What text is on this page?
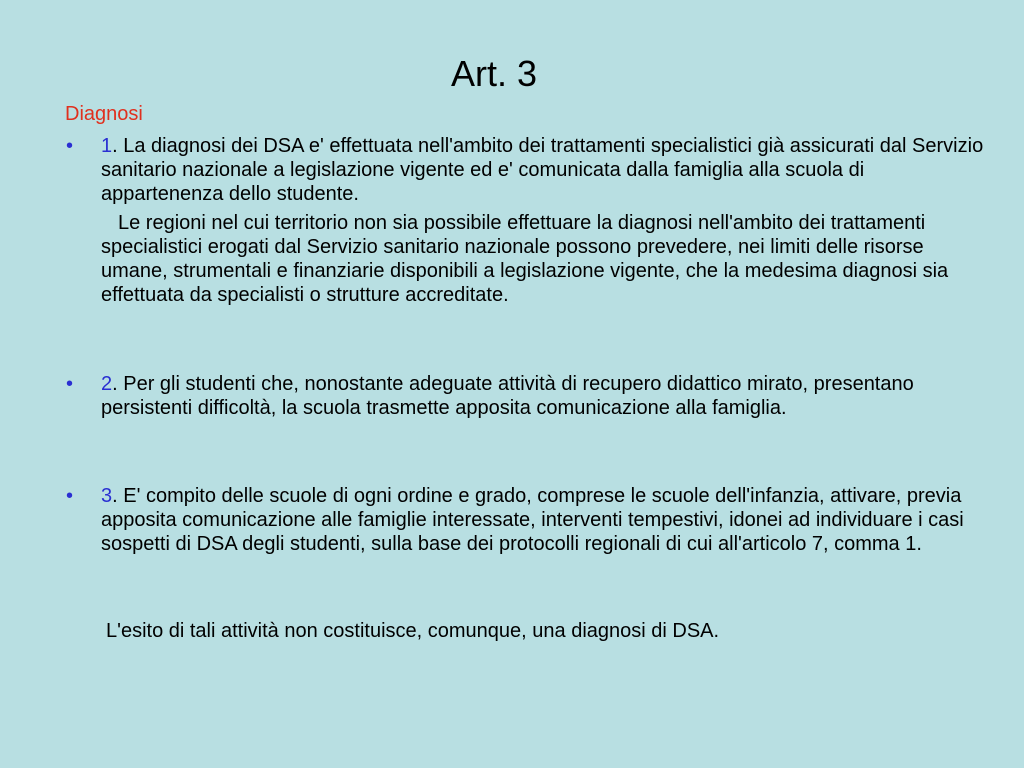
Art. 3
Diagnosi
•	1. La diagnosi dei DSA e' effettuata nell'ambito dei trattamenti specialistici già assicurati dal Servizio sanitario nazionale a legislazione vigente ed e' comunicata dalla famiglia alla scuola di appartenenza dello studente.
Le regioni nel cui territorio non sia possibile effettuare la diagnosi nell'ambito dei trattamenti specialistici erogati dal Servizio sanitario nazionale possono prevedere, nei limiti delle risorse umane, strumentali e finanziarie disponibili a legislazione vigente, che la medesima diagnosi sia effettuata da specialisti o strutture accreditate.
•	2. Per gli studenti che, nonostante adeguate attività di recupero didattico mirato, presentano persistenti difficoltà, la scuola trasmette apposita comunicazione alla famiglia.
•	3. E' compito delle scuole di ogni ordine e grado, comprese le scuole dell'infanzia, attivare, previa apposita comunicazione alle famiglie interessate, interventi tempestivi, idonei ad individuare i casi sospetti di DSA degli studenti, sulla base dei protocolli regionali di cui all'articolo 7, comma 1.
L'esito di tali attività non costituisce, comunque, una diagnosi di DSA.
